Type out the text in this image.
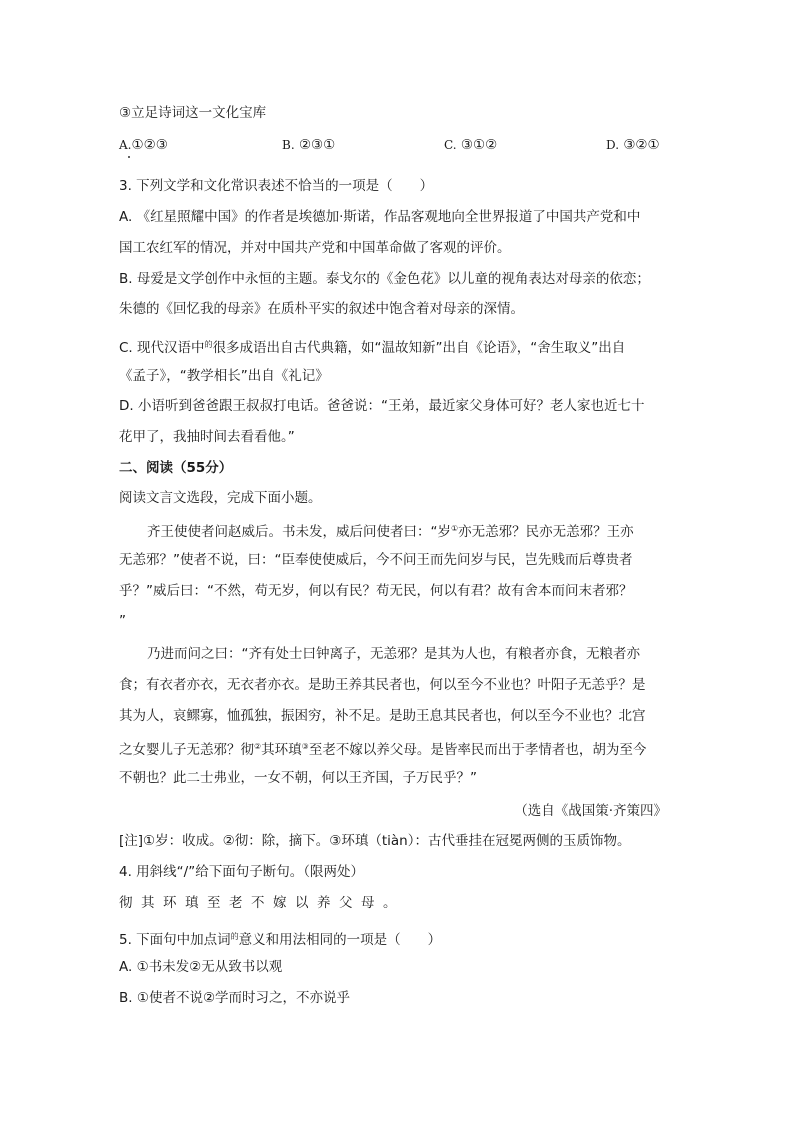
③立足诗词这一文化宝库
A.①②③	B. ②③①	C. ③①②	D. ③②①
3. 下列文学和文化常识表述不恰当的一项是（　　）
A. 《红星照耀中国》的作者是埃德加·斯诺，作品客观地向全世界报道了中国共产党和中
国工农红军的情况，并对中国共产党和中国革命做了客观的评价。
B. 母爱是文学创作中永恒的主题。泰戈尔的《金色花》以儿童的视角表达对母亲的依恋；
朱德的《回忆我的母亲》在质朴平实的叙述中饱含着对母亲的深情。
C. 现代汉语中$^的$很多成语出自古代典籍，如“温故知新”出自《论语》，“舍生取义”出自
《孟子》，“教学相长”出自《礼记》
D. 小语听到爸爸跟王叔叔打电话。爸爸说：“王弟，最近家父身体可好？老人家也近七十
花甲了，我抽时间去看看他。”
二、阅读（55分）
阅读文言文选段，完成下面小题。
齐王使使者问赵威后。书未发，威后问使者曰：“岁①亦无恙邪？民亦无恙邪？王亦
无恙邪？”使者不说，曰：“臣奉使使威后，今不问王而先问岁与民，岂先贱而后尊贵者
乎？”威后曰：“不然，苟无岁，何以有民？苟无民，何以有君？故有舍本而问末者邪？
”
乃进而问之曰：“齐有处士曰钟离子，无恙邪？是其为人也，有粮者亦食，无粮者亦
食；有衣者亦衣，无衣者亦衣。是助王养其民者也，何以至今不业也？叶阳子无恙乎？是
其为人，哀鳏寡，恤孤独，振困穷，补不足。是助王息其民者也，何以至今不业也？北宫
之女婴儿子无恙邪？彻②其环瑱③至老不嫁以养父母。是皆率民而出于孝情者也，胡为至今
不朝也？此二士弗业，一女不朝，何以王齐国，子万民乎？”
（选自《战国策·齐策四》
[注]①岁：收成。②彻：除，摘下。③环瑱（tiàn）：古代垂挂在冠冕两侧的玉质饰物。
4. 用斜线“/”给下面句子断句。（限两处）
彻其环瑱至老不嫁以养父母。
5. 下面句中加点词$^的$意义和用法相同的一项是（　　）
A. ①书未发②无从致书以观
B. ①使者不说②学而时习之，不亦说乎
